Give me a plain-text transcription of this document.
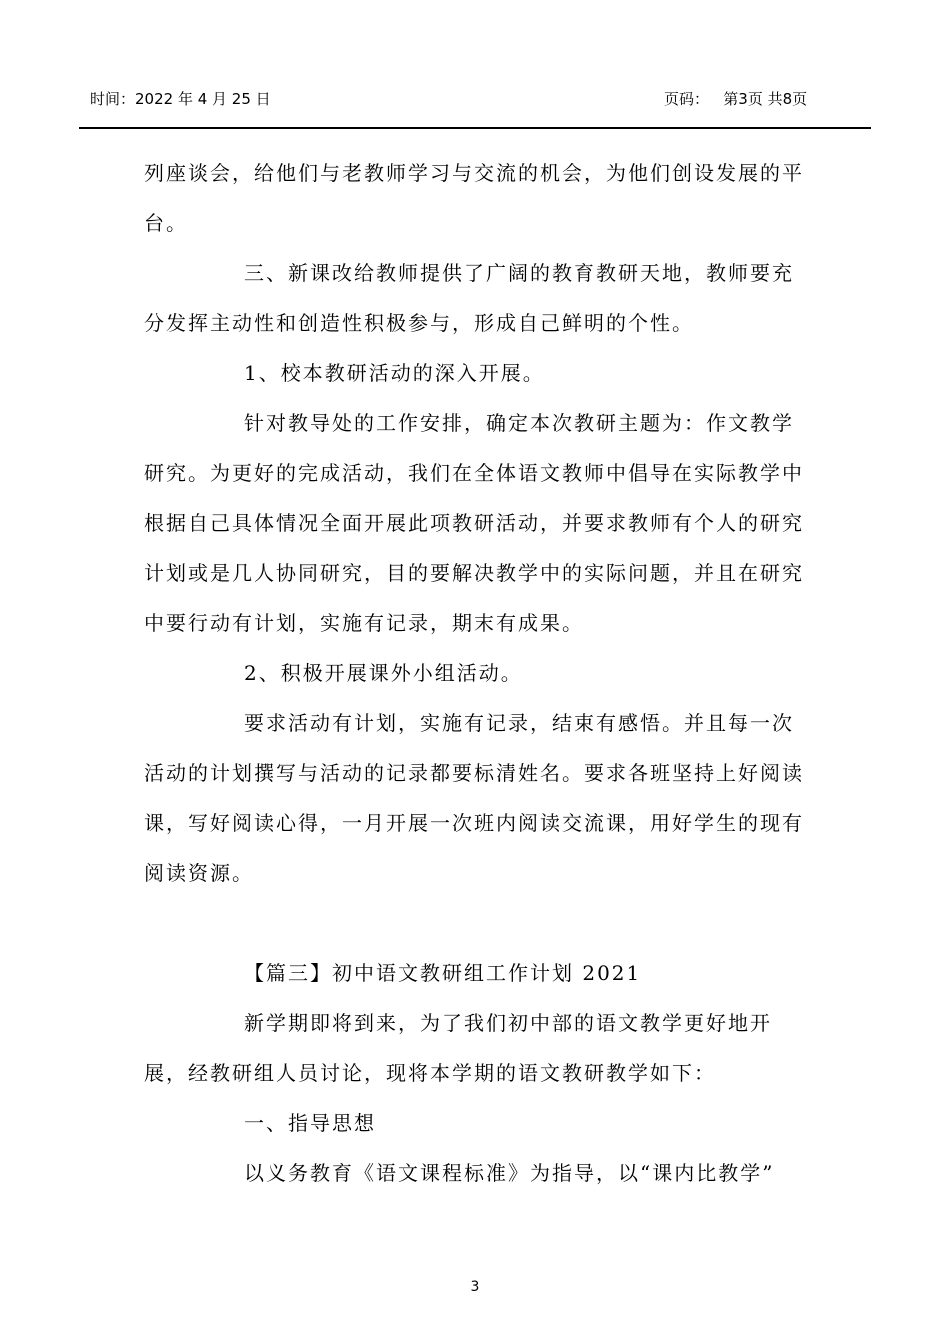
时间：2022 年 4 月 25 日	页码：   第3页 共8页

列座谈会，给他们与老教师学习与交流的机会，为他们创设发展的平台。

三、新课改给教师提供了广阔的教育教研天地，教师要充分发挥主动性和创造性积极参与，形成自己鲜明的个性。

1、校本教研活动的深入开展。

针对教导处的工作安排，确定本次教研主题为：作文教学研究。为更好的完成活动，我们在全体语文教师中倡导在实际教学中根据自己具体情况全面开展此项教研活动，并要求教师有个人的研究计划或是几人协同研究，目的要解决教学中的实际问题，并且在研究中要行动有计划，实施有记录，期末有成果。

2、积极开展课外小组活动。

要求活动有计划，实施有记录，结束有感悟。并且每一次活动的计划撰写与活动的记录都要标清姓名。要求各班坚持上好阅读课，写好阅读心得，一月开展一次班内阅读交流课，用好学生的现有阅读资源。

【篇三】初中语文教研组工作计划 2021

新学期即将到来，为了我们初中部的语文教学更好地开展，经教研组人员讨论，现将本学期的语文教研教学如下：

一、指导思想

以义务教育《语文课程标准》为指导，以“课内比教学”

3
